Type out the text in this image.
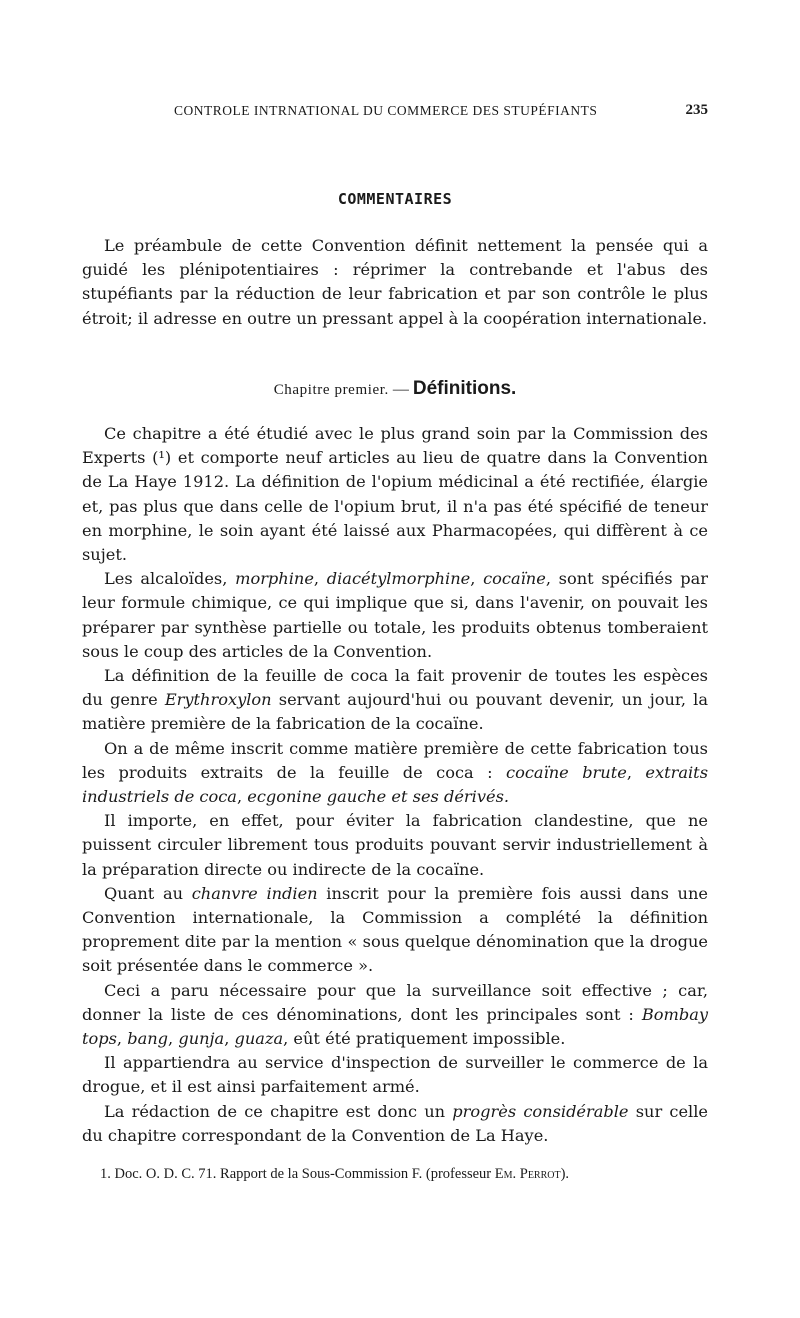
CONTROLE INTRNATIONAL DU COMMERCE DES STUPÉFIANTS	235
COMMENTAIRES

Le préambule de cette Convention définit nettement la pensée qui a guidé les plénipotentiaires : réprimer la contrebande et l'abus des stupéfiants par la réduction de leur fabrication et par son contrôle le plus étroit; il adresse en outre un pressant appel à la coopération internationale.

Chapitre premier. — Définitions.

Ce chapitre a été étudié avec le plus grand soin par la Commission des Experts (¹) et comporte neuf articles au lieu de quatre dans la Convention de La Haye 1912. La définition de l'opium médicinal a été rectifiée, élargie et, pas plus que dans celle de l'opium brut, il n'a pas été spécifié de teneur en morphine, le soin ayant été laissé aux Pharmacopées, qui diffèrent à ce sujet.

Les alcaloïdes, morphine, diacétylmorphine, cocaïne, sont spécifiés par leur formule chimique, ce qui implique que si, dans l'avenir, on pouvait les préparer par synthèse partielle ou totale, les produits obtenus tomberaient sous le coup des articles de la Convention.

La définition de la feuille de coca la fait provenir de toutes les espèces du genre Erythroxylon servant aujourd'hui ou pouvant devenir, un jour, la matière première de la fabrication de la cocaïne.

On a de même inscrit comme matière première de cette fabrication tous les produits extraits de la feuille de coca : cocaïne brute, extraits industriels de coca, ecgonine gauche et ses dérivés.

Il importe, en effet, pour éviter la fabrication clandestine, que ne puissent circuler librement tous produits pouvant servir industriellement à la préparation directe ou indirecte de la cocaïne.

Quant au chanvre indien inscrit pour la première fois aussi dans une Convention internationale, la Commission a complété la définition proprement dite par la mention « sous quelque dénomination que la drogue soit présentée dans le commerce ».

Ceci a paru nécessaire pour que la surveillance soit effective ; car, donner la liste de ces dénominations, dont les principales sont : Bombay tops, bang, gunja, guaza, eût été pratiquement impossible.

Il appartiendra au service d'inspection de surveiller le commerce de la drogue, et il est ainsi parfaitement armé.

La rédaction de ce chapitre est donc un progrès considérable sur celle du chapitre correspondant de la Convention de La Haye.

1. Doc. O. D. C. 71. Rapport de la Sous-Commission F. (professeur Em. Perrot).
